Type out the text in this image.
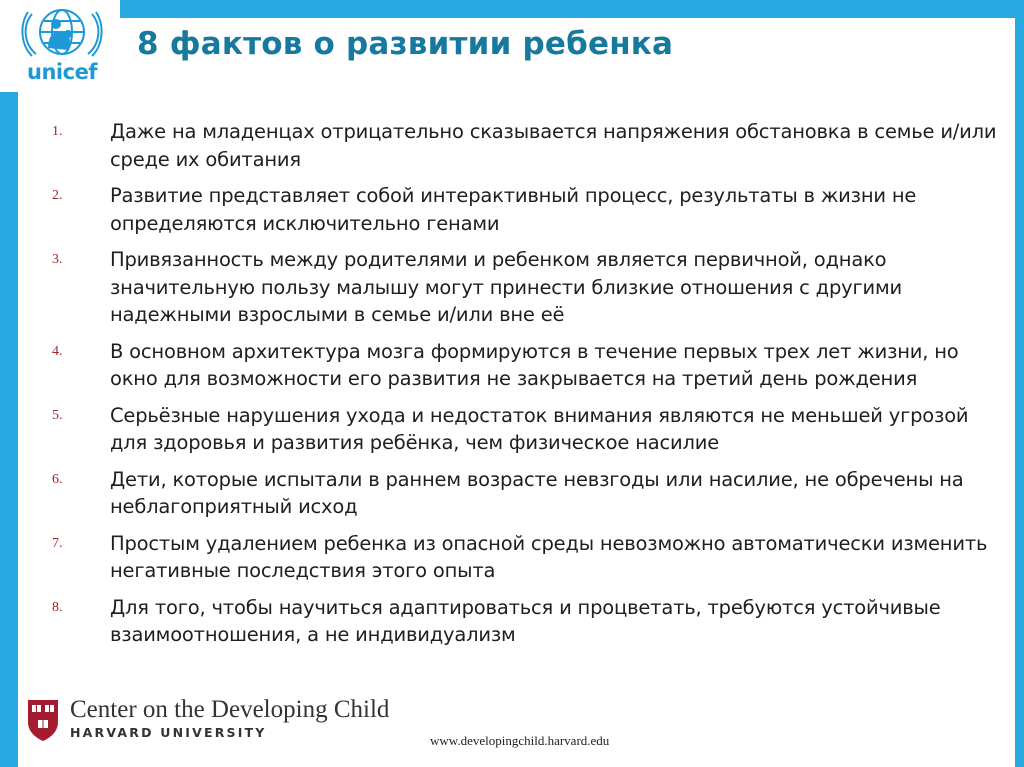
unicef
8 фактов о развитии ребенка
1.	Даже на младенцах отрицательно сказывается напряжения обстановка в семье и/или среде их обитания
2.	Развитие представляет собой интерактивный процесс, результаты в жизни не определяются исключительно генами
3.	Привязанность между родителями и ребенком является первичной, однако значительную пользу малышу могут принести близкие отношения с другими надежными взрослыми в семье и/или вне её
4.	В основном архитектура мозга формируются в течение первых трех лет жизни, но окно для возможности его развития не закрывается на третий день рождения
5.	Серьёзные нарушения ухода и недостаток внимания являются не меньшей угрозой для здоровья и развития ребёнка, чем физическое насилие
6.	Дети, которые испытали в раннем возрасте невзгоды или насилие, не обречены на неблагоприятный исход
7.	Простым удалением ребенка из опасной среды невозможно автоматически изменить негативные последствия этого опыта
8.	Для того, чтобы научиться адаптироваться и процветать, требуются устойчивые взаимоотношения, а не индивидуализм
Center on the Developing Child
HARVARD UNIVERSITY
www.developingchild.harvard.edu
